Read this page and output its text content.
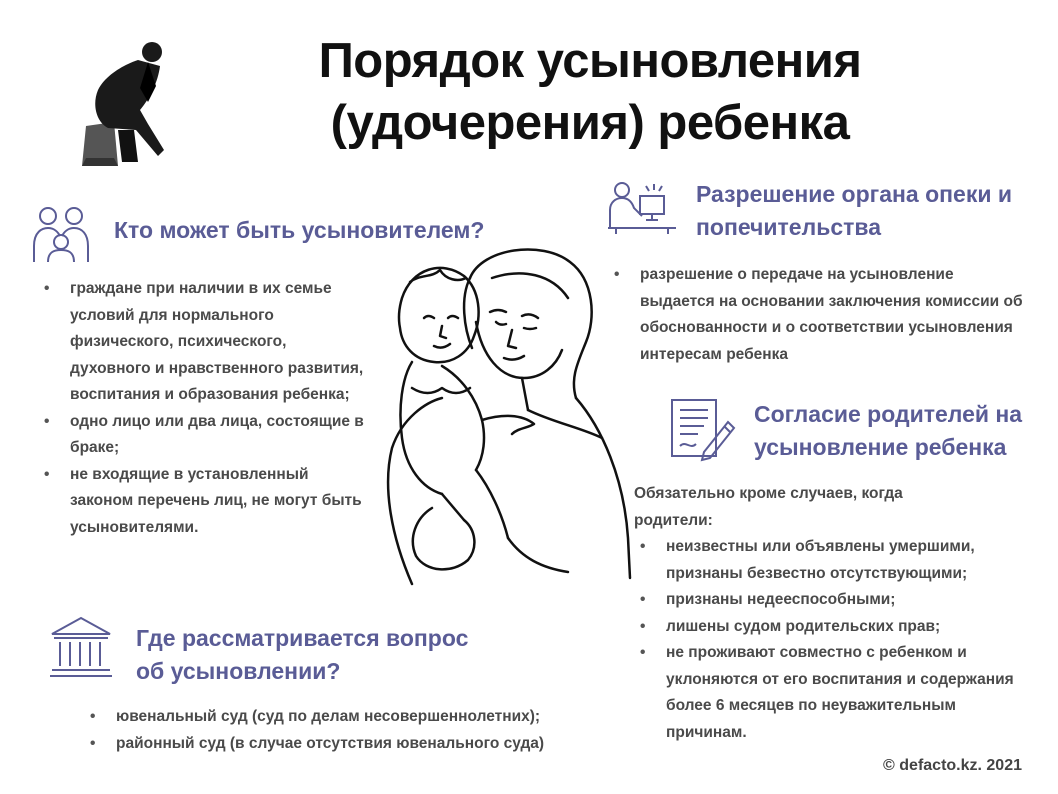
Порядок усыновления
(удочерения) ребенка
Кто может быть усыновителем?
• граждане при наличии в их семье условий для нормального физического, психического, духовного и нравственного развития, воспитания и образования ребенка;
• одно лицо или два лица, состоящие в браке;
• не входящие в установленный законом перечень лиц, не могут быть усыновителями.
Разрешение органа опеки и
попечительства
• разрешение о передаче на усыновление выдается на основании заключения комиссии об обоснованности и о соответствии усыновления интересам ребенка
Согласие родителей на
усыновление ребенка
Обязательно кроме случаев, когда родители:
• неизвестны или объявлены умершими, признаны безвестно отсутствующими;
• признаны недееспособными;
• лишены судом родительских прав;
• не проживают совместно с ребенком и уклоняются от его воспитания и содержания более 6 месяцев по неуважительным причинам.
Где рассматривается вопрос
об усыновлении?
• ювенальный суд (суд по делам несовершеннолетних);
• районный суд (в случае отсутствия ювенального суда)
© defacto.kz. 2021
